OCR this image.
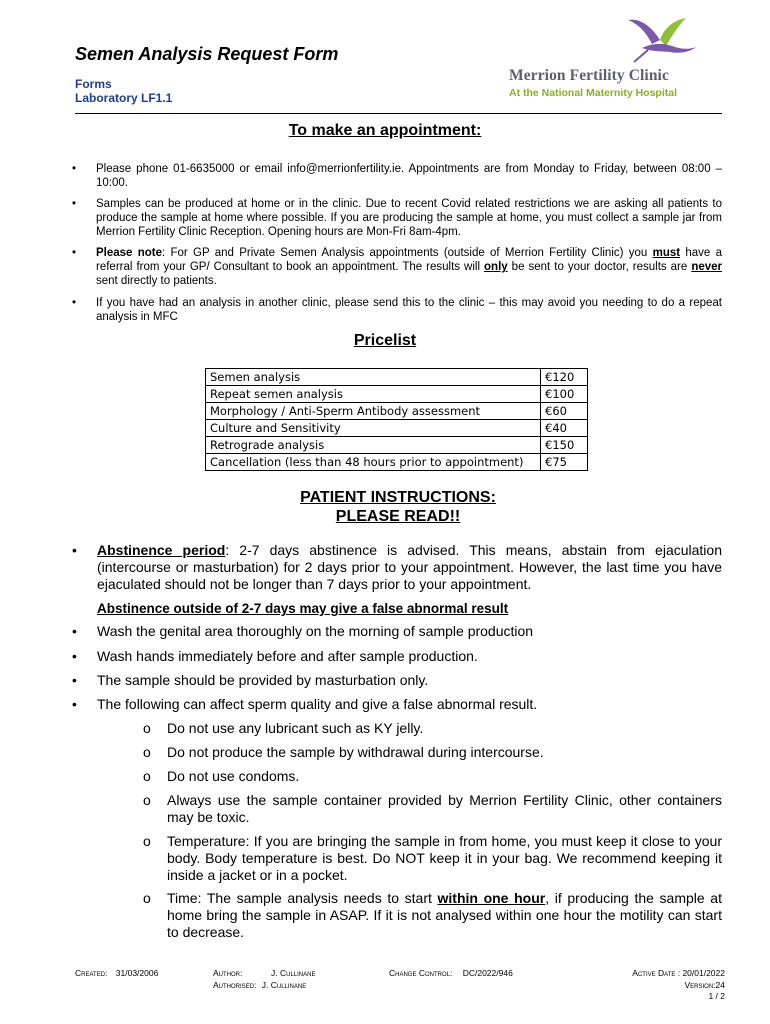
Semen Analysis Request Form
Forms
Laboratory LF1.1
Merrion Fertility Clinic
At the National Maternity Hospital
To make an appointment:
• Please phone 01-6635000 or email info@merrionfertility.ie. Appointments are from Monday to Friday, between 08:00 – 10:00.
• Samples can be produced at home or in the clinic. Due to recent Covid related restrictions we are asking all patients to produce the sample at home where possible. If you are producing the sample at home, you must collect a sample jar from Merrion Fertility Clinic Reception. Opening hours are Mon-Fri 8am-4pm.
• Please note: For GP and Private Semen Analysis appointments (outside of Merrion Fertility Clinic) you must have a referral from your GP/ Consultant to book an appointment. The results will only be sent to your doctor, results are never sent directly to patients.
• If you have had an analysis in another clinic, please send this to the clinic – this may avoid you needing to do a repeat analysis in MFC
Pricelist
Semen analysis	€120
Repeat semen analysis	€100
Morphology / Anti-Sperm Antibody assessment	€60
Culture and Sensitivity	€40
Retrograde analysis	€150
Cancellation (less than 48 hours prior to appointment)	€75
PATIENT INSTRUCTIONS:
PLEASE READ!!
• Abstinence period: 2-7 days abstinence is advised. This means, abstain from ejaculation (intercourse or masturbation) for 2 days prior to your appointment. However, the last time you have ejaculated should not be longer than 7 days prior to your appointment.
Abstinence outside of 2-7 days may give a false abnormal result
• Wash the genital area thoroughly on the morning of sample production
• Wash hands immediately before and after sample production.
• The sample should be provided by masturbation only.
• The following can affect sperm quality and give a false abnormal result.
o Do not use any lubricant such as KY jelly.
o Do not produce the sample by withdrawal during intercourse.
o Do not use condoms.
o Always use the sample container provided by Merrion Fertility Clinic, other containers may be toxic.
o Temperature: If you are bringing the sample in from home, you must keep it close to your body. Body temperature is best. Do NOT keep it in your bag. We recommend keeping it inside a jacket or in a pocket.
o Time: The sample analysis needs to start within one hour, if producing the sample at home bring the sample in ASAP. If it is not analysed within one hour the motility can start to decrease.
Created: 31/03/2006	Author:	J. Cullinane
Authorised: J. Cullinane
Change Control: DC/2022/946	Active Date : 20/01/2022
Version:24
1 / 2
